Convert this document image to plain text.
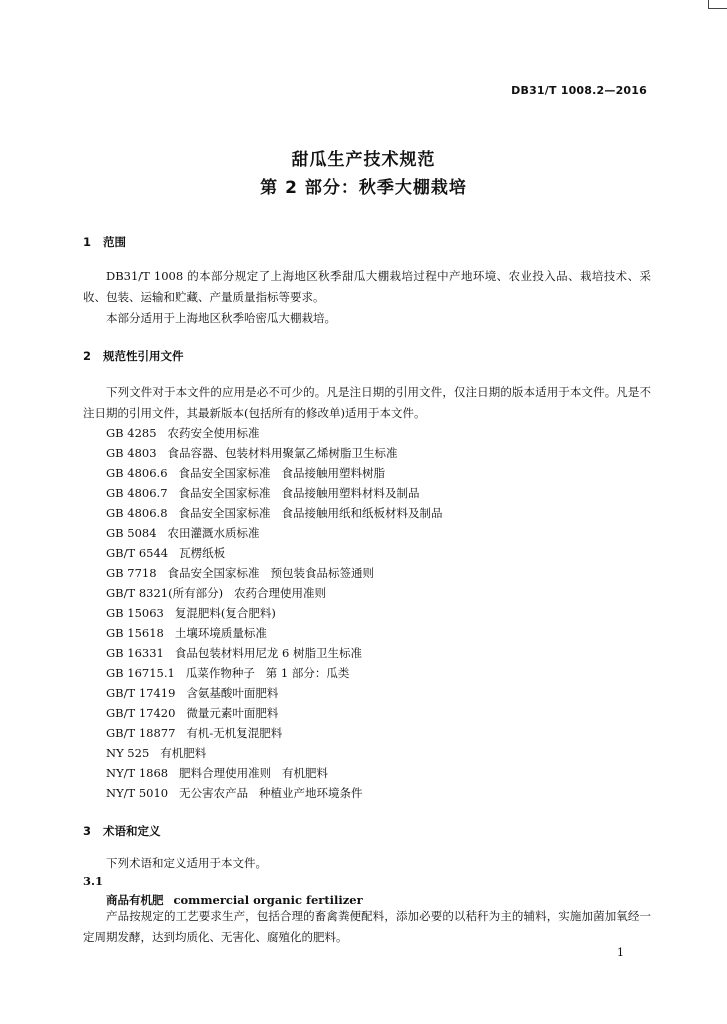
DB31/T 1008.2—2016
甜瓜生产技术规范
第 2 部分：秋季大棚栽培
1 范围
DB31/T 1008 的本部分规定了上海地区秋季甜瓜大棚栽培过程中产地环境、农业投入品、栽培技术、采收、包装、运输和贮藏、产量质量指标等要求。
本部分适用于上海地区秋季哈密瓜大棚栽培。
2 规范性引用文件
下列文件对于本文件的应用是必不可少的。凡是注日期的引用文件，仅注日期的版本适用于本文件。凡是不注日期的引用文件，其最新版本(包括所有的修改单)适用于本文件。
GB 4285   农药安全使用标准
GB 4803   食品容器、包装材料用聚氯乙烯树脂卫生标准
GB 4806.6   食品安全国家标准   食品接触用塑料树脂
GB 4806.7   食品安全国家标准   食品接触用塑料材料及制品
GB 4806.8   食品安全国家标准   食品接触用纸和纸板材料及制品
GB 5084   农田灌溉水质标准
GB/T 6544   瓦楞纸板
GB 7718   食品安全国家标准   预包装食品标签通则
GB/T 8321(所有部分)   农药合理使用准则
GB 15063   复混肥料(复合肥料)
GB 15618   土壤环境质量标准
GB 16331   食品包装材料用尼龙 6 树脂卫生标准
GB 16715.1   瓜菜作物种子   第 1 部分：瓜类
GB/T 17419   含氨基酸叶面肥料
GB/T 17420   微量元素叶面肥料
GB/T 18877   有机-无机复混肥料
NY 525   有机肥料
NY/T 1868   肥料合理使用准则   有机肥料
NY/T 5010   无公害农产品   种植业产地环境条件
3 术语和定义
下列术语和定义适用于本文件。
3.1
商品有机肥 commercial organic fertilizer
产品按规定的工艺要求生产，包括合理的畜禽粪便配料，添加必要的以秸秆为主的辅料，实施加菌加氧经一定周期发酵，达到均质化、无害化、腐殖化的肥料。
1
